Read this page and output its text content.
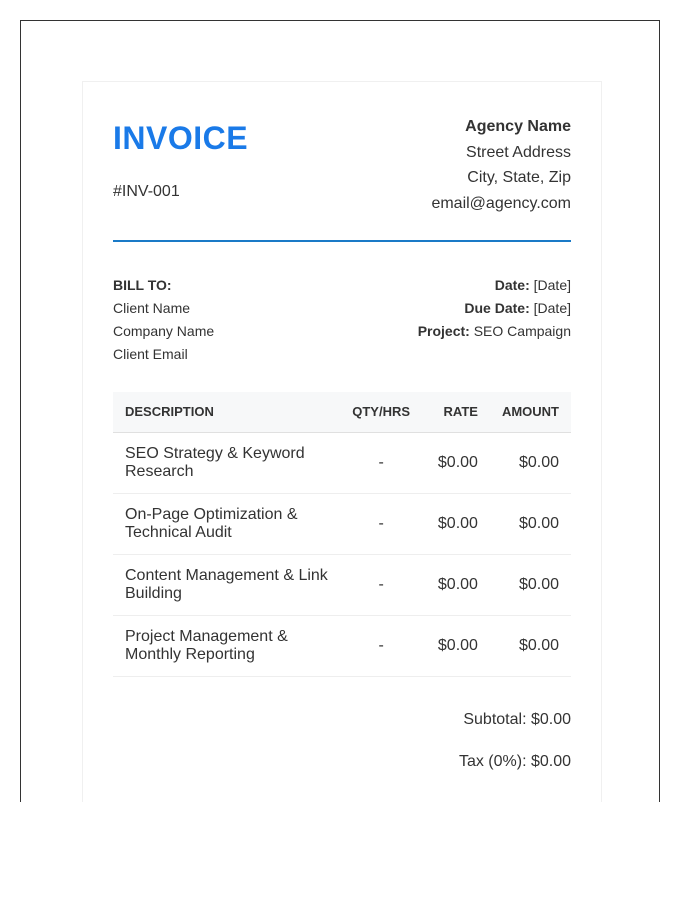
INVOICE
#INV-001
Agency Name
Street Address
City, State, Zip
email@agency.com
BILL TO:
Client Name
Company Name
Client Email
Date: [Date]
Due Date: [Date]
Project: SEO Campaign
DESCRIPTION	QTY/HRS	RATE	AMOUNT
SEO Strategy & Keyword Research	-	$0.00	$0.00
On-Page Optimization & Technical Audit	-	$0.00	$0.00
Content Management & Link Building	-	$0.00	$0.00
Project Management & Monthly Reporting	-	$0.00	$0.00
Subtotal: $0.00
Tax (0%): $0.00
